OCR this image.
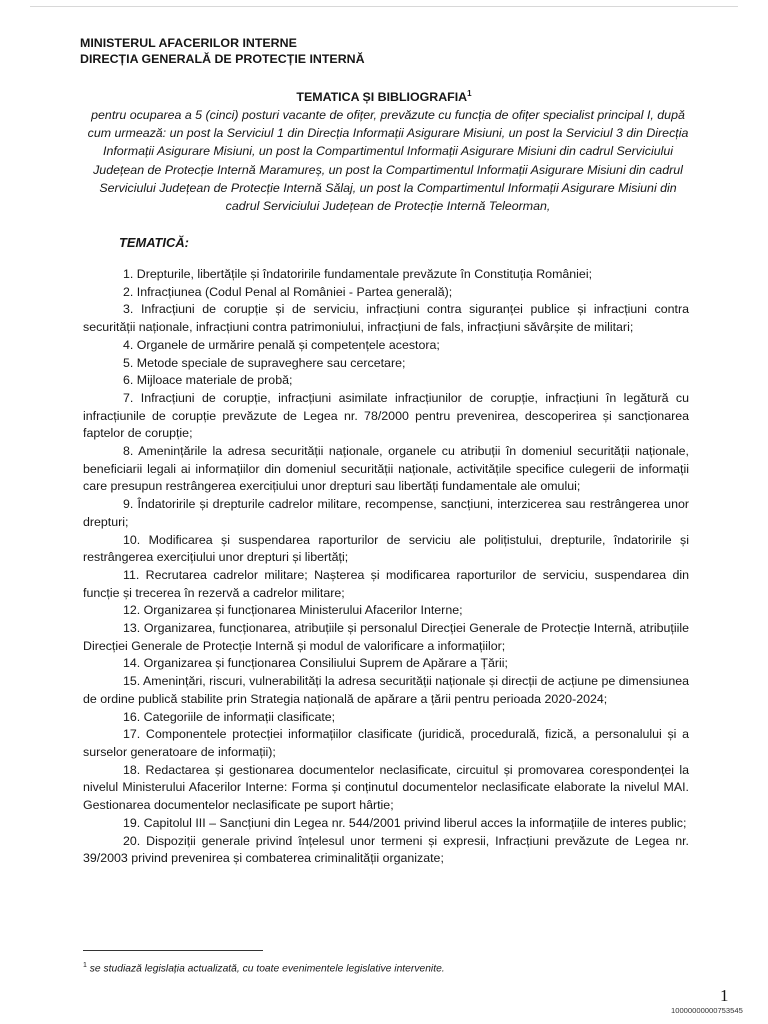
MINISTERUL AFACERILOR INTERNE
DIRECȚIA GENERALĂ DE PROTECȚIE INTERNĂ
TEMATICA ȘI BIBLIOGRAFIA$^1$
pentru ocuparea a 5 (cinci) posturi vacante de ofițer, prevăzute cu funcția de ofițer specialist principal I, după cum urmează: un post la Serviciul 1 din Direcția Informații Asigurare Misiuni, un post la Serviciul 3 din Direcția Informații Asigurare Misiuni, un post la Compartimentul Informații Asigurare Misiuni din cadrul Serviciului Județean de Protecție Internă Maramureș, un post la Compartimentul Informații Asigurare Misiuni din cadrul Serviciului Județean de Protecție Internă Sălaj, un post la Compartimentul Informații Asigurare Misiuni din cadrul Serviciului Județean de Protecție Internă Teleorman,
TEMATICĂ:

1. Drepturile, libertățile și îndatoririle fundamentale prevăzute în Constituția României;

2. Infracțiunea (Codul Penal al României - Partea generală);

3. Infracțiuni de corupție și de serviciu, infracțiuni contra siguranței publice și infracțiuni contra securității naționale, infracțiuni contra patrimoniului, infracțiuni de fals, infracțiuni săvârșite de militari;

4. Organele de urmărire penală și competențele acestora;

5. Metode speciale de supraveghere sau cercetare;

6. Mijloace materiale de probă;

7. Infracțiuni de corupție, infracțiuni asimilate infracțiunilor de corupție, infracțiuni în legătură cu infracțiunile de corupție prevăzute de Legea nr. 78/2000 pentru prevenirea, descoperirea și sancționarea faptelor de corupție;

8. Amenințările la adresa securității naționale, organele cu atribuții în domeniul securității naționale, beneficiarii legali ai informațiilor din domeniul securității naționale, activitățile specifice culegerii de informații care presupun restrângerea exercițiului unor drepturi sau libertăți fundamentale ale omului;

9. Îndatoririle și drepturile cadrelor militare, recompense, sancțiuni, interzicerea sau restrângerea unor drepturi;

10. Modificarea și suspendarea raporturilor de serviciu ale polițistului, drepturile, îndatoririle și restrângerea exercițiului unor drepturi și libertăți;

11. Recrutarea cadrelor militare; Nașterea și modificarea raporturilor de serviciu, suspendarea din funcție și trecerea în rezervă a cadrelor militare;

12. Organizarea și funcționarea Ministerului Afacerilor Interne;

13. Organizarea, funcționarea, atribuțiile și personalul Direcției Generale de Protecție Internă, atribuțiile Direcției Generale de Protecție Internă și modul de valorificare a informațiilor;

14. Organizarea și funcționarea Consiliului Suprem de Apărare a Țării;

15. Amenințări, riscuri, vulnerabilități la adresa securității naționale și direcții de acțiune pe dimensiunea de ordine publică stabilite prin Strategia națională de apărare a țării pentru perioada 2020-2024;

16. Categoriile de informații clasificate;

17. Componentele protecției informațiilor clasificate (juridică, procedurală, fizică, a personalului și a surselor generatoare de informații);

18. Redactarea și gestionarea documentelor neclasificate, circuitul și promovarea corespondenței la nivelul Ministerului Afacerilor Interne: Forma și conținutul documentelor neclasificate elaborate la nivelul MAI. Gestionarea documentelor neclasificate pe suport hârtie;

19. Capitolul III – Sancțiuni din Legea nr. 544/2001 privind liberul acces la informațiile de interes public;

20. Dispoziții generale privind înțelesul unor termeni și expresii, Infracțiuni prevăzute de Legea nr. 39/2003 privind prevenirea și combaterea criminalității organizate;

$^1$ se studiază legislația actualizată, cu toate evenimentele legislative intervenite.
1
10000000000753545
